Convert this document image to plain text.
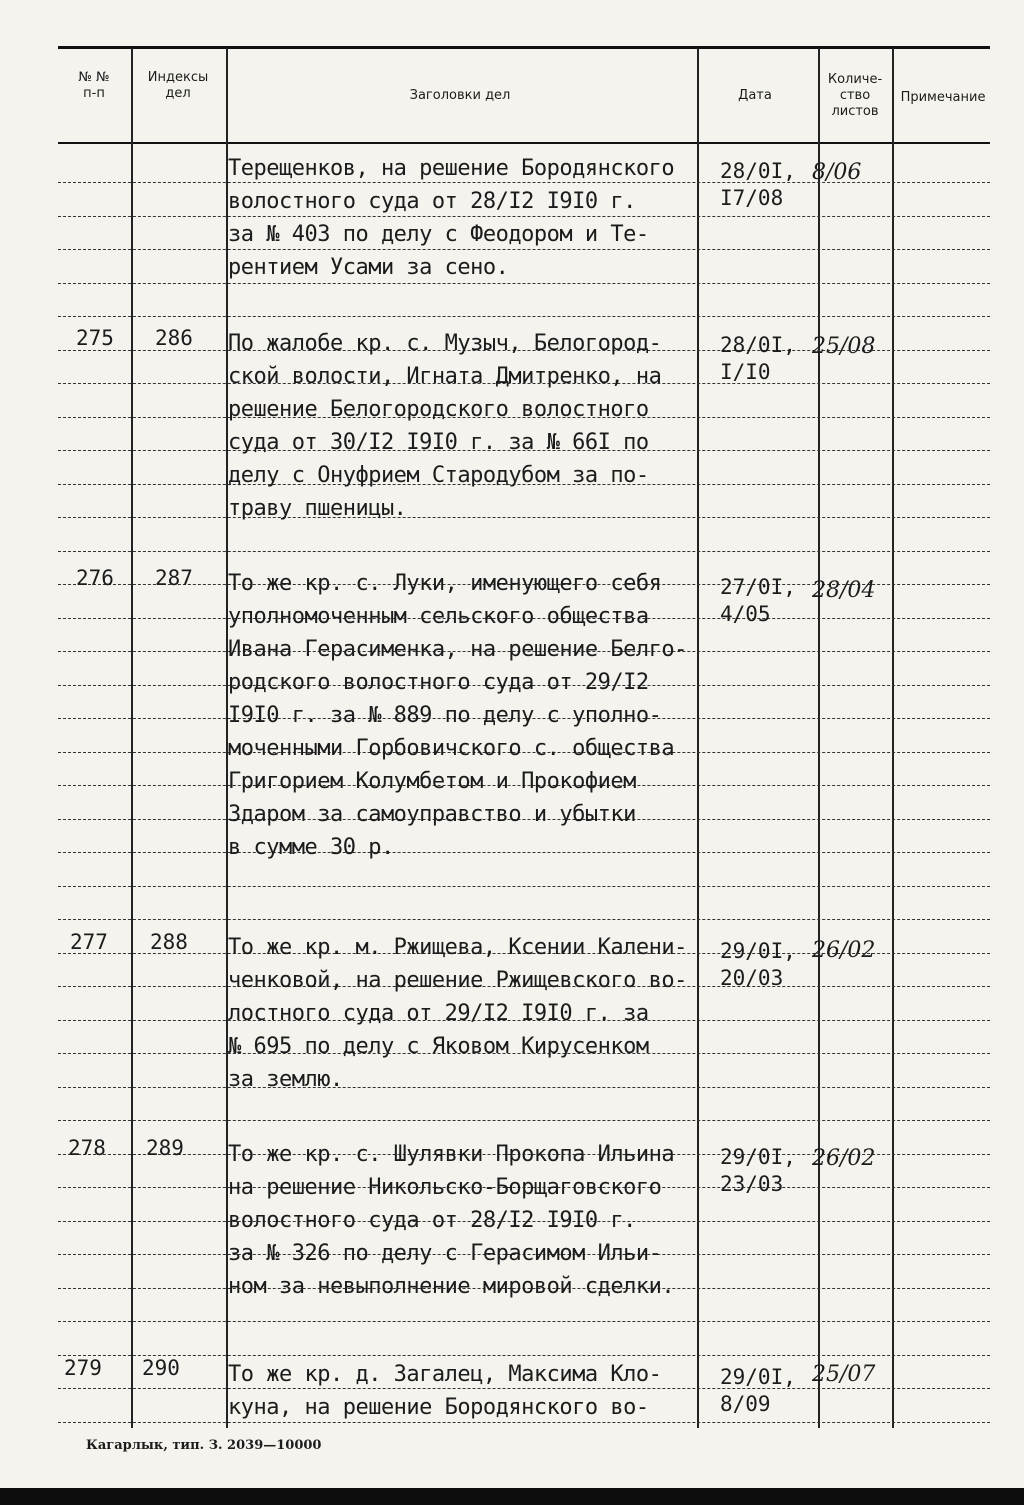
№ №
п-п
Индексы
дел	Заголовки дел	Дата
Количе-
ство
листов
Примечание
Терещенков, на решение Бородянского
волостного суда от 28/I2 I9I0 г.
за № 403 по делу с Феодором и Те-
рентием Усами за сено.
28/0I,
I7/08
8/06
275 286 По жалобе кр. с. Музыч, Белогород-
ской волости, Игната Дмитренко, на
решение Белогородского волостного
суда от 30/I2 I9I0 г. за № 66I по
делу с Онуфрием Стародубом за по-
траву пшеницы.
28/0I,
I/I0
25/08
276 287 То же кр. с. Луки, именующего себя
уполномоченным сельского общества
Ивана Герасименка, на решение Белго-
родского волостного суда от 29/I2
I9I0 г. за № 889 по делу с уполно-
моченными Горбовичского с. общества
Григорием Колумбетом и Прокофием
Здаром за самоуправство и убытки
в сумме 30 р.
27/0I,
4/05
28/04
277 288 То же кр. м. Ржищева, Ксении Калени-
ченковой, на решение Ржищевского во-
лостного суда от 29/I2 I9I0 г. за
№ 695 по делу с Яковом Кирусенком
за землю.
29/0I,
20/03
26/02
278 289 То же кр. с. Шулявки Прокопа Ильина
на решение Никольско-Борщаговского
волостного суда от 28/I2 I9I0 г.
за № 326 по делу с Герасимом Ильи-
ном за невыполнение мировой сделки.
29/0I,
23/03
26/02
279 290 То же кр. д. Загалец, Максима Кло-
куна, на решение Бородянского во-
29/0I,
8/09
25/07
Кагарлык, тип. З. 2039—10000
